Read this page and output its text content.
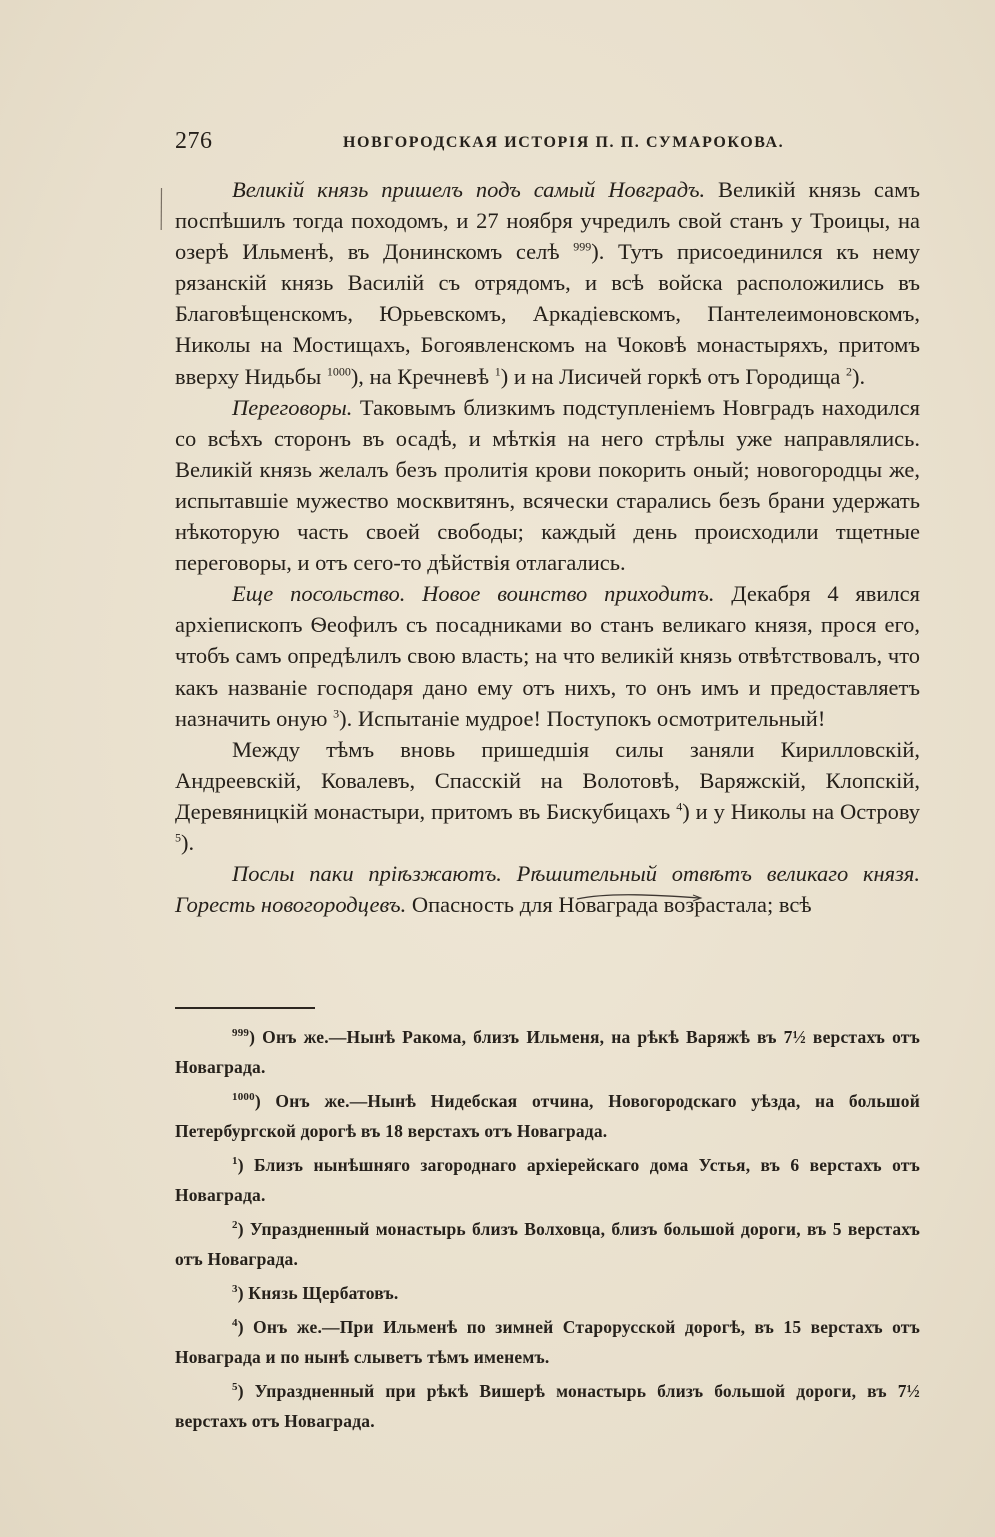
276	НОВГОРОДСКАЯ ИСТОРІЯ П. П. СУМАРОКОВА.

Великій князь пришелъ подъ самый Новградъ. Великій князь самъ поспѣшилъ тогда походомъ, и 27 ноября учредилъ свой станъ у Троицы, на озерѣ Ильменѣ, въ Донинскомъ селѣ $^{999}$). Тутъ присоединился къ нему рязанскій князь Василій съ отрядомъ, и всѣ войска расположились въ Благовѣщенскомъ, Юрьевскомъ, Аркадіевскомъ, Пантелеимоновскомъ, Николы на Мостищахъ, Богоявленскомъ на Чоковѣ монастыряхъ, притомъ вверху Нидьбы $^{1000}$), на Кречневѣ $^1$) и на Лисичей горкѣ отъ Городища $^2$).

Переговоры. Таковымъ близкимъ подступленіемъ Новградъ находился со всѣхъ сторонъ въ осадѣ, и мѣткія на него стрѣлы уже направлялись. Великій князь желалъ безъ пролитія крови покорить оный; новогородцы же, испытавшіе мужество москвитянъ, всячески старались безъ брани удержать нѣкоторую часть своей свободы; каждый день происходили тщетные переговоры, и отъ сего-то дѣйствія отлагались.

Еще посольство. Новое воинство приходитъ. Декабря 4 явился архіепископъ Ѳеофилъ съ посадниками во станъ великаго князя, прося его, чтобъ самъ опредѣлилъ свою власть; на что великій князь отвѣтствовалъ, что какъ названіе господаря дано ему отъ нихъ, то онъ имъ и предоставляетъ назначить оную $^3$). Испытаніе мудрое! Поступокъ осмотрительный!

Между тѣмъ вновь пришедшія силы заняли Кирилловскій, Андреевскій, Ковалевъ, Спасскій на Волотовѣ, Варяжскій, Клопскій, Деревяницкій монастыри, притомъ въ Бискубицахъ $^4$) и у Николы на Острову $^5$).

Послы паки пріѣзжаютъ. Рѣшительный отвѣтъ великаго князя. Горесть новогородцевъ. Опасность для Новаграда возрастала; всѣ

$^{999}$) Онъ же.—Нынѣ Ракома, близъ Ильменя, на рѣкѣ Варяжѣ въ 7½ верстахъ отъ Новаграда.

$^{1000}$) Онъ же.—Нынѣ Нидебская отчина, Новогородскаго уѣзда, на большой Петербургской дорогѣ въ 18 верстахъ отъ Новаграда.

$^1$) Близъ нынѣшняго загороднаго архіерейскаго дома Устья, въ 6 верстахъ отъ Новаграда.

$^2$) Упраздненный монастырь близъ Волховца, близъ большой дороги, въ 5 верстахъ отъ Новаграда.

$^3$) Князь Щербатовъ.

$^4$) Онъ же.—При Ильменѣ по зимней Старорусской дорогѣ, въ 15 верстахъ отъ Новаграда и по нынѣ слыветъ тѣмъ именемъ.

$^5$) Упраздненный при рѣкѣ Вишерѣ монастырь близъ большой дороги, въ 7½ верстахъ отъ Новаграда.
